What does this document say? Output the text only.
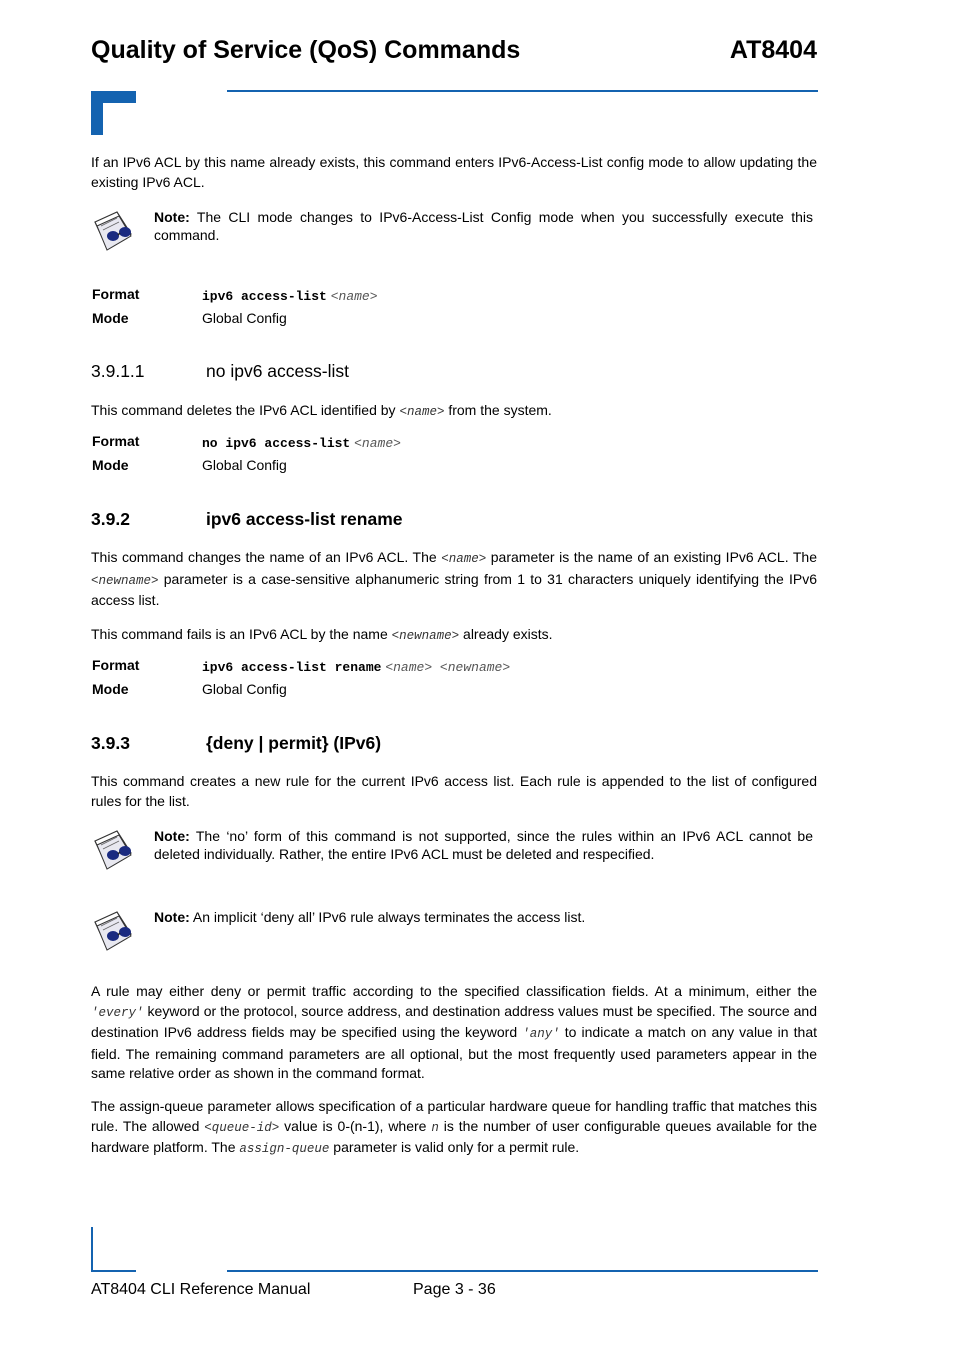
Quality of Service (QoS) Commands	AT8404
If an IPv6 ACL by this name already exists, this command enters IPv6-Access-List config mode to allow updating the existing IPv6 ACL.
Note: The CLI mode changes to IPv6-Access-List Config mode when you successfully execute this command.
Format	ipv6 access-list <name>
Mode	Global Config
3.9.1.1	no ipv6 access-list
This command deletes the IPv6 ACL identified by <name> from the system.
Format	no ipv6 access-list <name>
Mode	Global Config
3.9.2	ipv6 access-list rename
This command changes the name of an IPv6 ACL. The <name> parameter is the name of an existing IPv6 ACL. The <newname> parameter is a case-sensitive alphanumeric string from 1 to 31 characters uniquely identifying the IPv6 access list.
This command fails is an IPv6 ACL by the name <newname> already exists.
Format	ipv6 access-list rename <name> <newname>
Mode	Global Config
3.9.3	{deny | permit} (IPv6)
This command creates a new rule for the current IPv6 access list. Each rule is appended to the list of configured rules for the list.
Note: The ‘no’ form of this command is not supported, since the rules within an IPv6 ACL cannot be deleted individually. Rather, the entire IPv6 ACL must be deleted and respecified.
Note: An implicit ‘deny all’ IPv6 rule always terminates the access list.
A rule may either deny or permit traffic according to the specified classification fields. At a minimum, either the 'every' keyword or the protocol, source address, and destination address values must be specified. The source and destination IPv6 address fields may be specified using the keyword 'any' to indicate a match on any value in that field. The remaining command parameters are all optional, but the most frequently used parameters appear in the same relative order as shown in the command format.
The assign-queue parameter allows specification of a particular hardware queue for handling traffic that matches this rule. The allowed <queue-id> value is 0-(n-1), where n is the number of user configurable queues available for the hardware platform. The assign-queue parameter is valid only for a permit rule.
AT8404 CLI Reference Manual	Page 3 - 36
